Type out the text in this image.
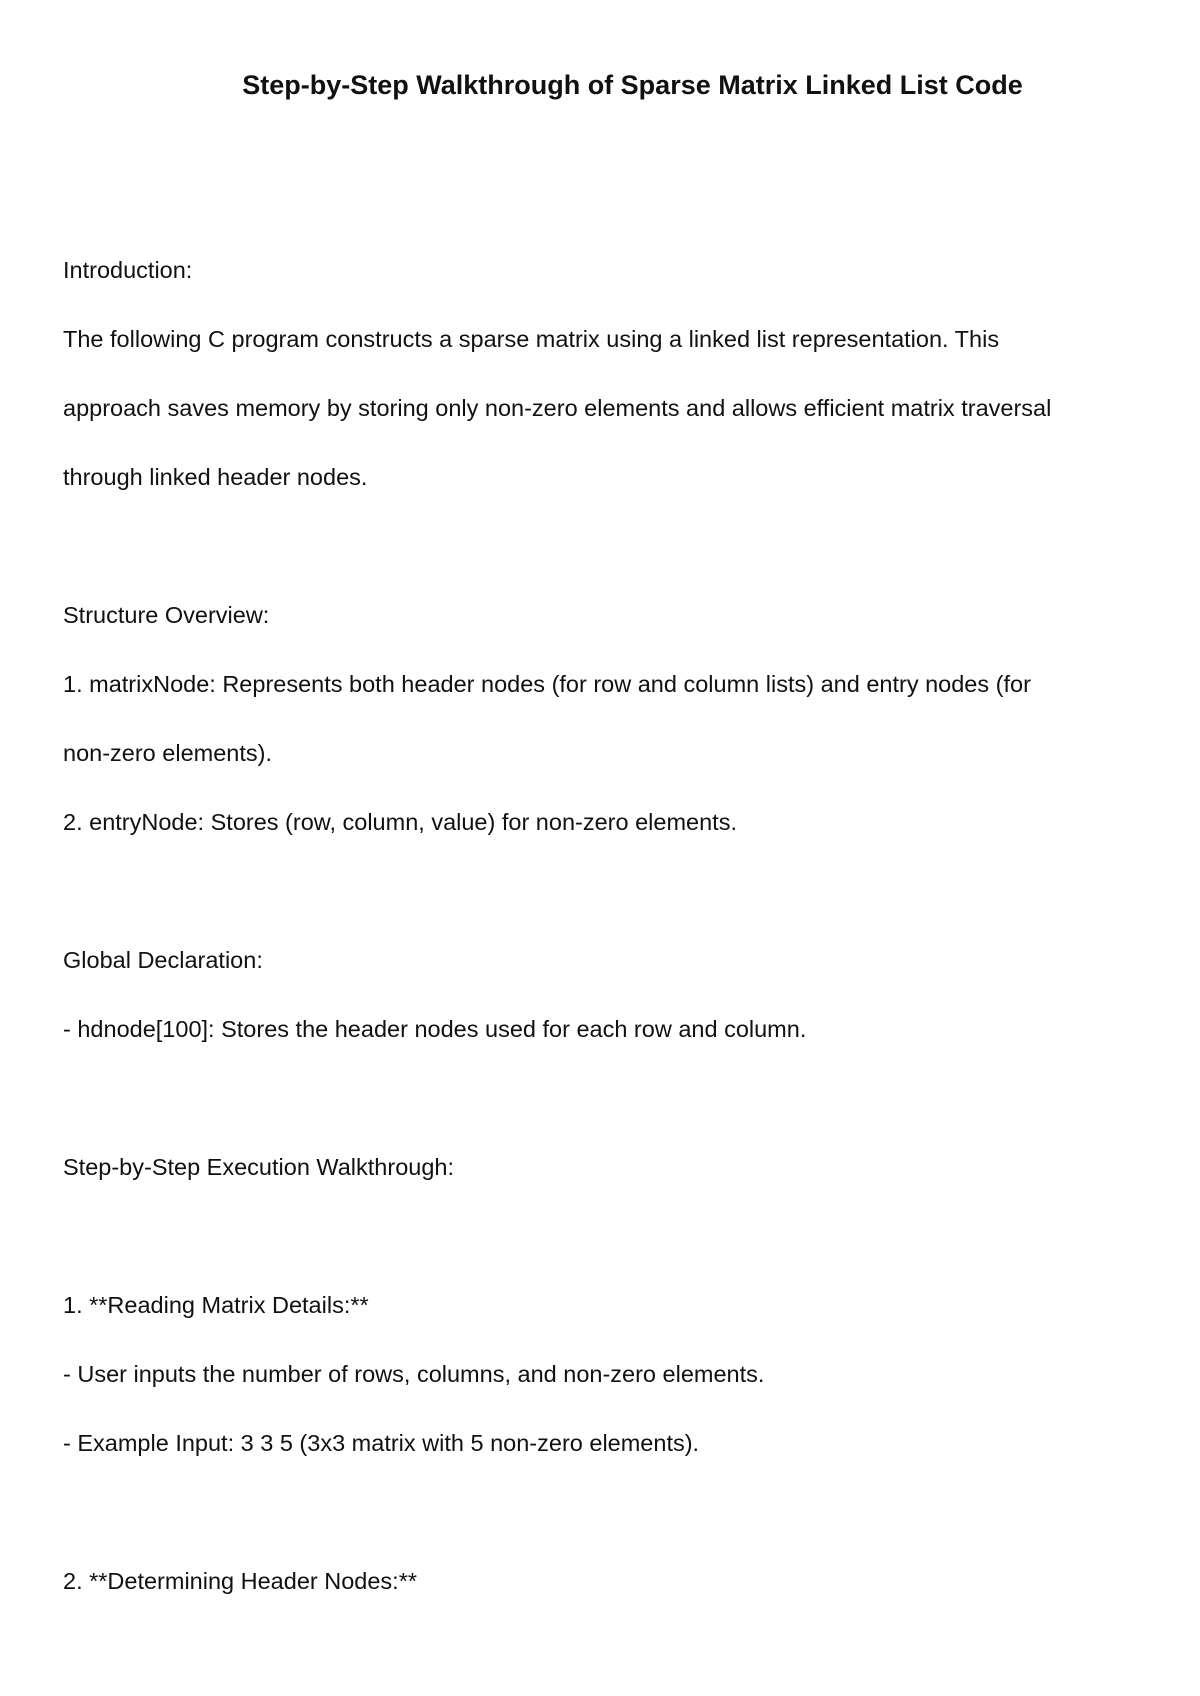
Step-by-Step Walkthrough of Sparse Matrix Linked List Code
Introduction:
The following C program constructs a sparse matrix using a linked list representation. This
approach saves memory by storing only non-zero elements and allows efficient matrix traversal
through linked header nodes.
Structure Overview:
1. matrixNode: Represents both header nodes (for row and column lists) and entry nodes (for
non-zero elements).
2. entryNode: Stores (row, column, value) for non-zero elements.
Global Declaration:
- hdnode[100]: Stores the header nodes used for each row and column.
Step-by-Step Execution Walkthrough:
1. **Reading Matrix Details:**
- User inputs the number of rows, columns, and non-zero elements.
- Example Input: 3 3 5 (3x3 matrix with 5 non-zero elements).
2. **Determining Header Nodes:**
